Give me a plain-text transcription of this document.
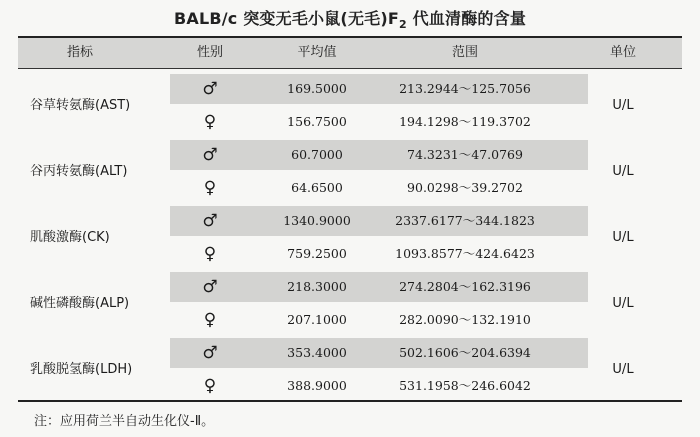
BALB/c 突变无毛小鼠(无毛)$F_2$ 代血清酶的含量
指标	性别	平均值	范围	单位
谷草转氨酶(AST)	U/L
♂	169.5000	213.2944～125.7056
♀	156.7500	194.1298～119.3702
谷丙转氨酶(ALT)	U/L
♂	60.7000	74.3231～47.0769
♀	64.6500	90.0298～39.2702
肌酸激酶(CK)	U/L
♂	1340.9000	2337.6177～344.1823
♀	759.2500	1093.8577～424.6423
碱性磷酸酶(ALP)	U/L
♂	218.3000	274.2804～162.3196
♀	207.1000	282.0090～132.1910
乳酸脱氢酶(LDH)	U/L
♂	353.4000	502.1606～204.6394
♀	388.9000	531.1958～246.6042
注：应用荷兰半自动生化仪-Ⅱ。
